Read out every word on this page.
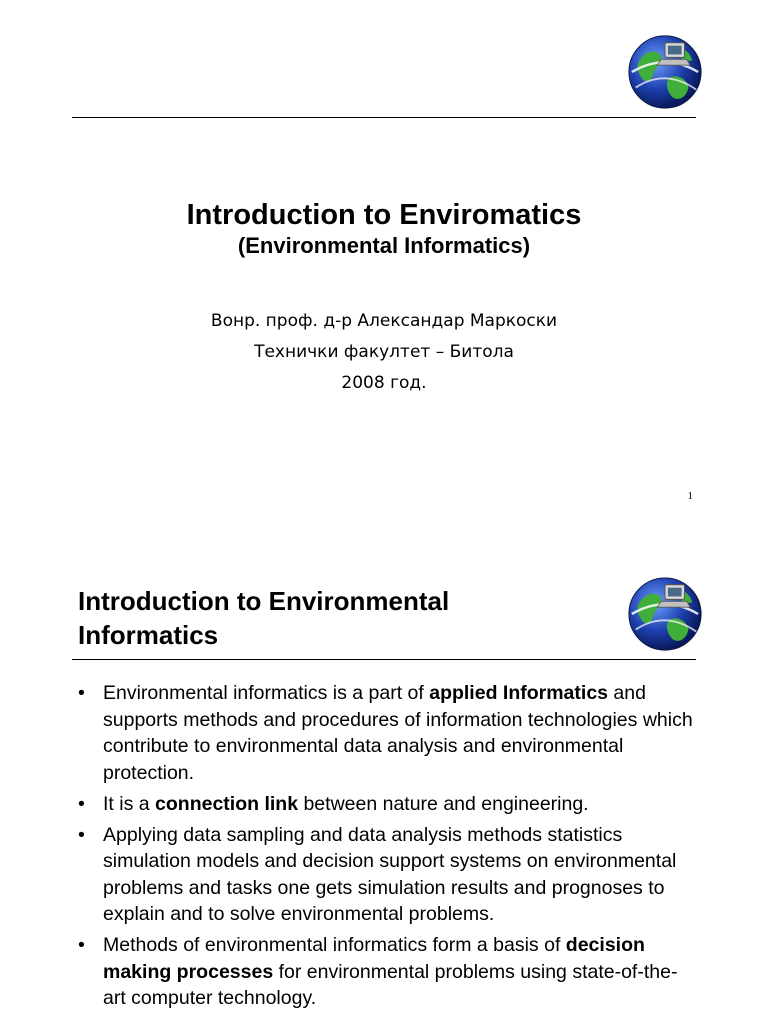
Introduction to Enviromatics
(Environmental Informatics)
Вонр. проф. д-р Александар Маркоски
Технички факултет – Битола
2008 год.
1
Introduction to Environmental
Informatics
• Environmental informatics is a part of applied Informatics and supports methods and procedures of information technologies which contribute to environmental data analysis and environmental protection.
• It is a connection link between nature and engineering.
• Applying data sampling and data analysis methods statistics simulation models and decision support systems on environmental problems and tasks one gets simulation results and prognoses to explain and to solve environmental problems.
• Methods of environmental informatics form a basis of decision making processes for environmental problems using state-of-the-art computer technology.
